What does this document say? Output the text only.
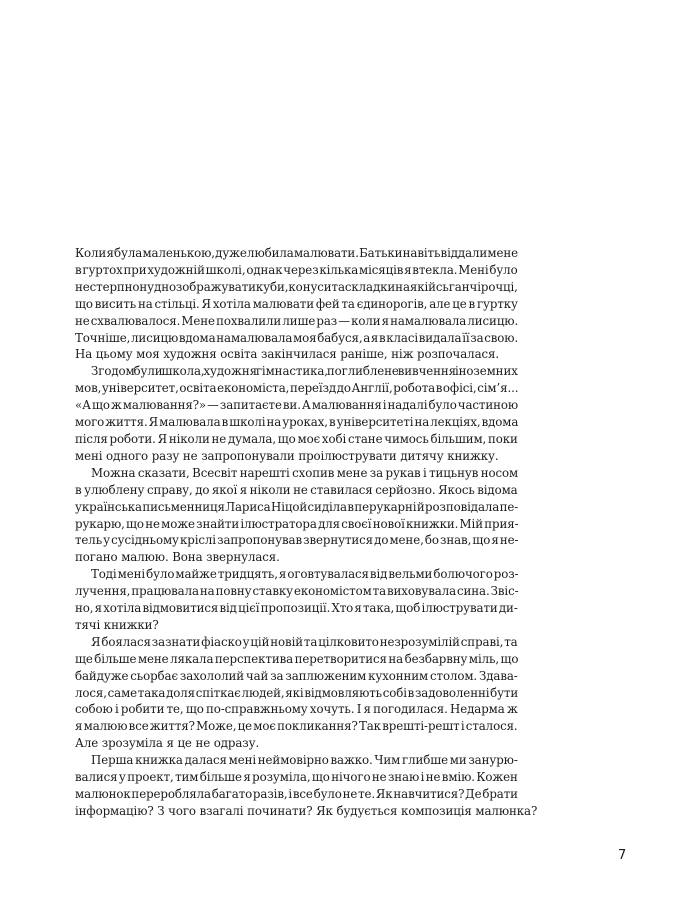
Коли я була маленькою, дуже любила малювати. Батьки навіть віддали мене
в гуртох при художній школі, однак через кілька місяців я втекла. Мені було
нестерпно нудно зображувати куби, конуси та складки на якійсь ганчірочці,
що висить на стільці. Я хотіла малювати фей та єдинорогів, але це в гуртку
не схвалювалося. Мене похвалили лише раз — коли я намалювала лисицю.
Точніше, лисицю вдома намалювала моя бабуся, а я в класі видала її за свою.
На цьому моя художня освіта закінчилася раніше, ніж розпочалася.

Згодом були школа, художня гімнастика, поглиблене вивчення іноземних
мов, університет, освіта економіста, переїзд до Англії, робота в офісі, сім’я...
«А що ж малювання?» — запитаєте ви. А малювання і надалі було частиною
мого життя. Я малювала в школі на уроках, в університеті на лекціях, вдома
після роботи. Я ніколи не думала, що моє хобі стане чимось більшим, поки
мені одного разу не запропонували проілюструвати дитячу книжку.

Можна сказати, Всесвіт нарешті схопив мене за рукав і тицьнув носом
в улюблену справу, до якої я ніколи не ставилася серйозно. Якось відома
українська письменниця Лариса Ніцой сиділа в перукарні й розповідала пе-
рукарю, що не може знайти ілюстратора для своєї нової книжки. Мій прия-
тель у сусідньому кріслі запропонував звернутися до мене, бо знав, що я не-
погано малюю. Вона звернулася.

Тоді мені було майже тридцять, я оговтувалася від вельми болючого роз-
лучення, працювала на повну ставку економістом та виховувала сина. Звіс-
но, я хотіла відмовитися від цієї пропозиції. Хто я така, щоб ілюструвати ди-
тячі книжки?

Я боялася зазнати фіаско у цій новій та цілковито незрозумілій справі, та
ще більше мене лякала перспектива перетворитися на безбарвну міль, що
байдуже сьорбає захололий чай за заплюженим кухонним столом. Здава-
лося, саме така доля спіткає людей, які відмовляють собі в задоволенні бути
собою і робити те, що по-справжньому хочуть. І я погодилася. Недарма ж
я малюю все життя? Може, це моє покликання? Так врешті-решт і сталося.
Але зрозуміла я це не одразу.

Перша книжка далася мені неймовірно важко. Чим глибше ми занурю-
валися у проект, тим більше я розуміла, що нічого не знаю і не вмію. Кожен
малюнок переробляла багато разів, і все було не те. Як навчитися? Де брати
інформацію? З чого взагалі починати? Як будується композиція малюнка?

7
